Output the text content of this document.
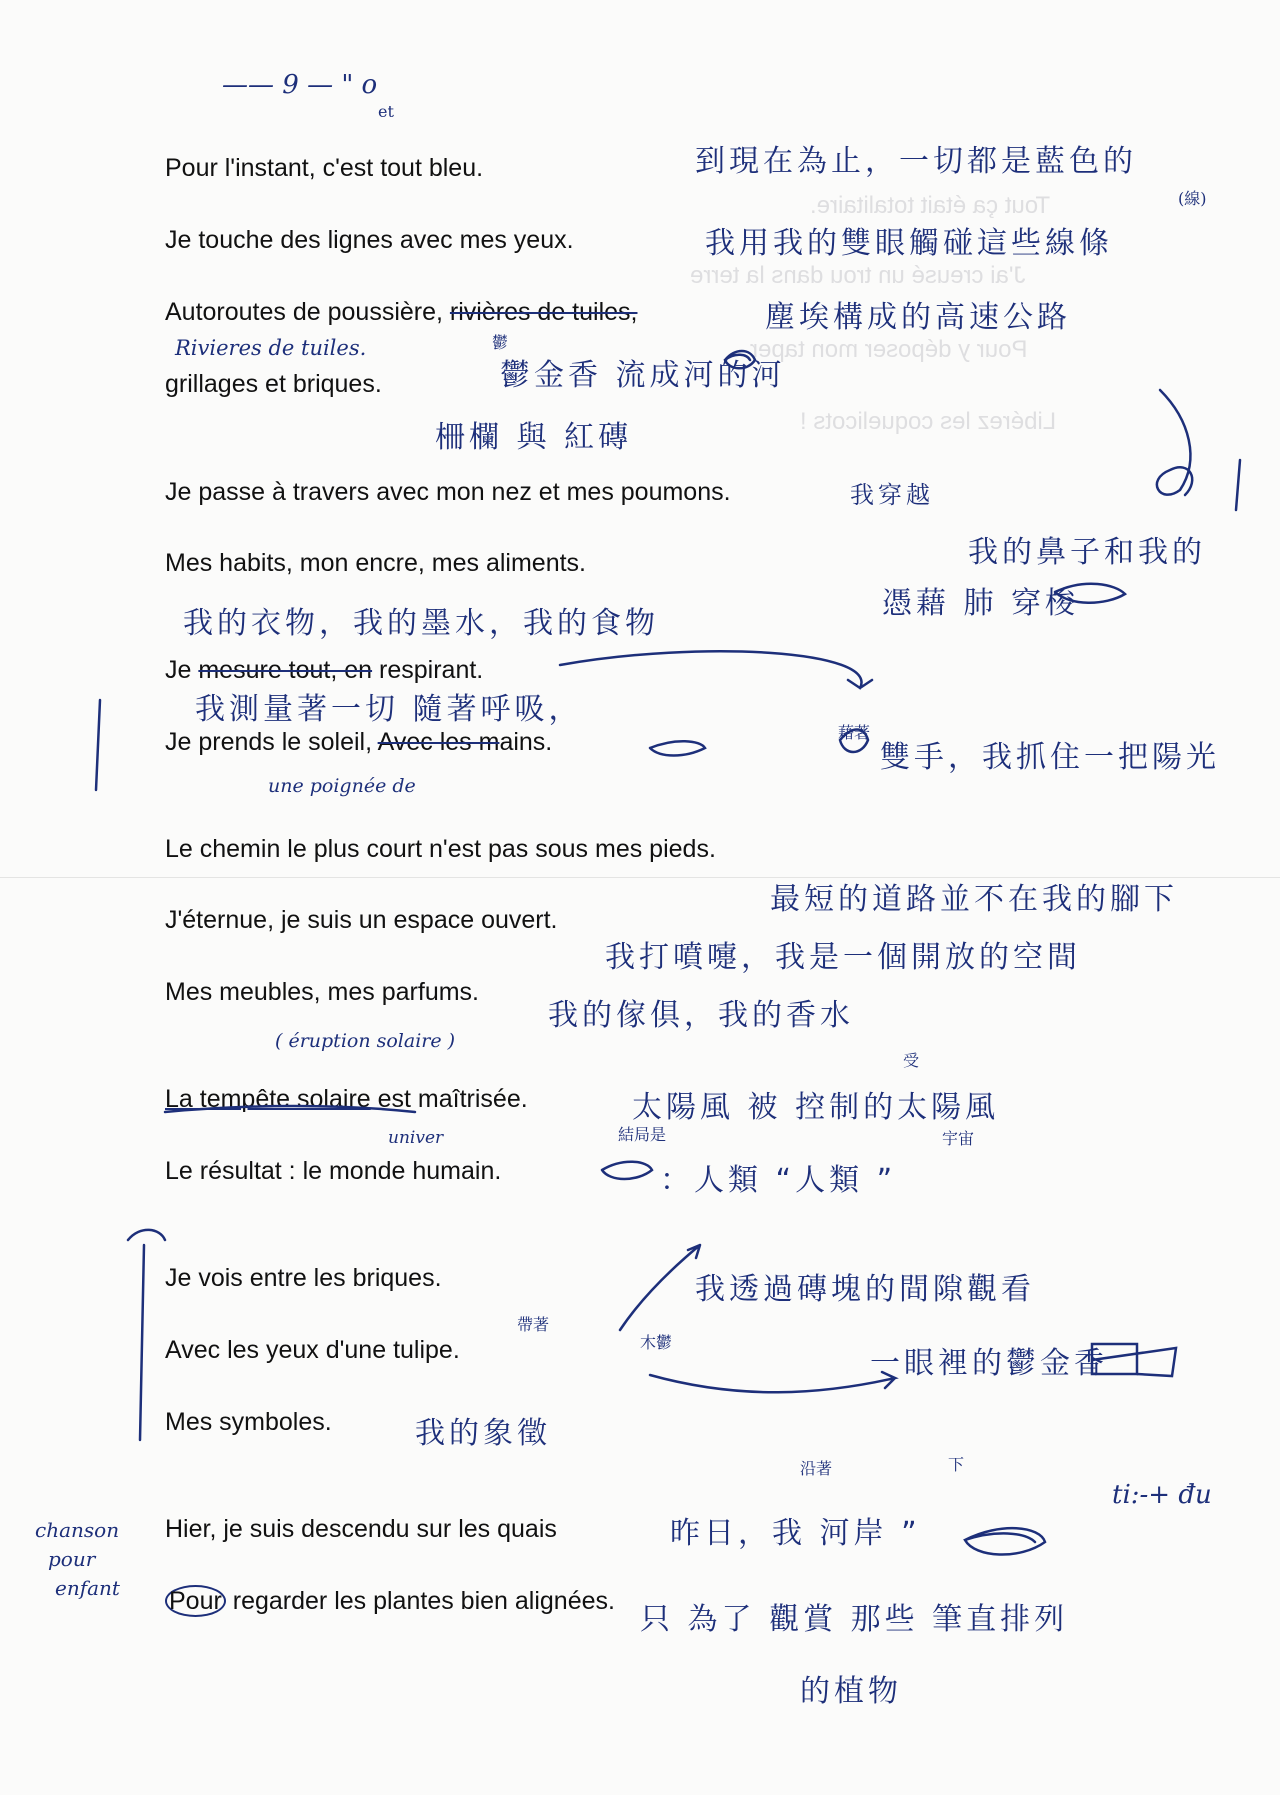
Tout ça était totalitaire.
J'ai creusé un trou dans la terre
Pour y déposer mon taper
Libérez les coquelicots !
Pour l'instant, c'est tout bleu.
Je touche des lignes avec mes yeux.
Autoroutes de poussière, rivières de tuiles,
grillages et briques.
Je passe à travers avec mon nez et mes poumons.
Mes habits, mon encre, mes aliments.
Je mesure tout, en respirant.
Je prends le soleil, Avec les mains.
Le chemin le plus court n'est pas sous mes pieds.
J'éternue, je suis un espace ouvert.
Mes meubles, mes parfums.
La tempête solaire est maîtrisée.
Le résultat : le monde humain.
Je vois entre les briques.
Avec les yeux d'une tulipe.
Mes symboles.
Hier, je suis descendu sur les quais
Pour regarder les plantes bien alignées.
—— 9 — " o
et
到現在為止，一切都是藍色的
(線)
我用我的雙眼觸碰這些線條
塵埃構成的高速公路
Rivieres de tuiles.	鬱
鬱金香 流成河的河
柵欄 與 紅磚
我穿越
我的鼻子和我的
憑藉 肺 穿梭
我的衣物，我的墨水，我的食物
我測量著一切 隨著呼吸，
une poignée de
藉著
雙手，我抓住一把陽光
最短的道路並不在我的腳下
我打噴嚏，我是一個開放的空間
我的傢俱，我的香水
( éruption solaire )
受
太陽風 被 控制的太陽風
univer	結局是	宇宙
：人類 “人類 ”
我透過磚塊的間隙觀看
帶著
木鬱
一眼裡的鬱金香
我的象徵
沿著	下
昨日，我 河岸 ”
ti:-+ đu
chanson
pour
enfant
只 為了 觀賞 那些 筆直排列
的植物
